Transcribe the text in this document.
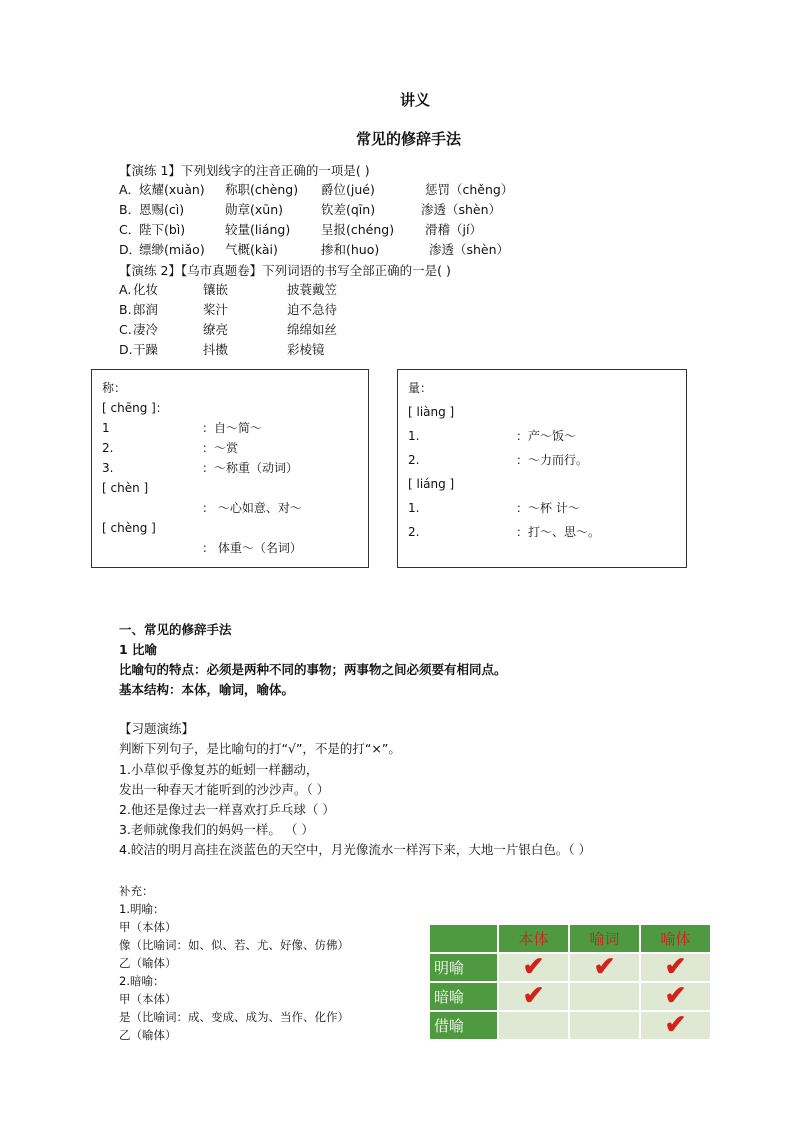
讲义
常见的修辞手法
【演练 1】下列划线字的注音正确的一项是( )
A．炫耀(xuàn) 称职(chèng) 爵位(jué)	惩罚（chěng）
B．恩赐(cì)	勋章(xūn)	钦差(qīn)	渗透（shèn）
C．陛下(bì)	较量(liáng) 呈报(chéng) 滑稽（jí）
D．缥缈(miǎo) 气概(kài)	掺和(huo)	渗透（shèn）
【演练 2】【乌市真题卷】下列词语的书写全部正确的一是( )
A. 化妆	镶嵌	披蓑戴笠
B.郎润	桨汁	迫不急待
C.凄冷	缭亮	绵绵如丝
D.干躁	抖擞	彩棱镜
称：
[ chēng ]：
1	：自～简～
2.	：～赏
3.	：～称重（动词）
[ chèn ]
： ～心如意、对～
[ chèng ]
： 体重～（名词）
量：
[ liàng ]
1.	：产～饭～
2.	：～力而行。
[ liáng ]
1.	：～杯 计～
2.	：打～、思～。
一、常见的修辞手法
1 比喻
比喻句的特点：必须是两种不同的事物；两事物之间必须要有相同点。
基本结构：本体，喻词，喻体。
【习题演练】
判断下列句子，是比喻句的打“√”，不是的打“×”。
1.小草似乎像复苏的蚯蚓一样翻动，
发出一种春天才能听到的沙沙声。（ ）
2.他还是像过去一样喜欢打乒乓球（ ）
3.老师就像我们的妈妈一样。 （ ）
4.皎洁的明月高挂在淡蓝色的天空中，月光像流水一样泻下来，大地一片银白色。（ ）
补充：
1.明喻：
甲（本体）
像（比喻词：如、似、若、尤、好像、仿佛）
乙（喻体）
2.暗喻：
甲（本体）
是（比喻词：成、变成、成为、当作、化作）
乙（喻体）
	本体	喻词	喻体
明喻	✔	✔	✔
暗喻	✔		✔
借喻			✔
